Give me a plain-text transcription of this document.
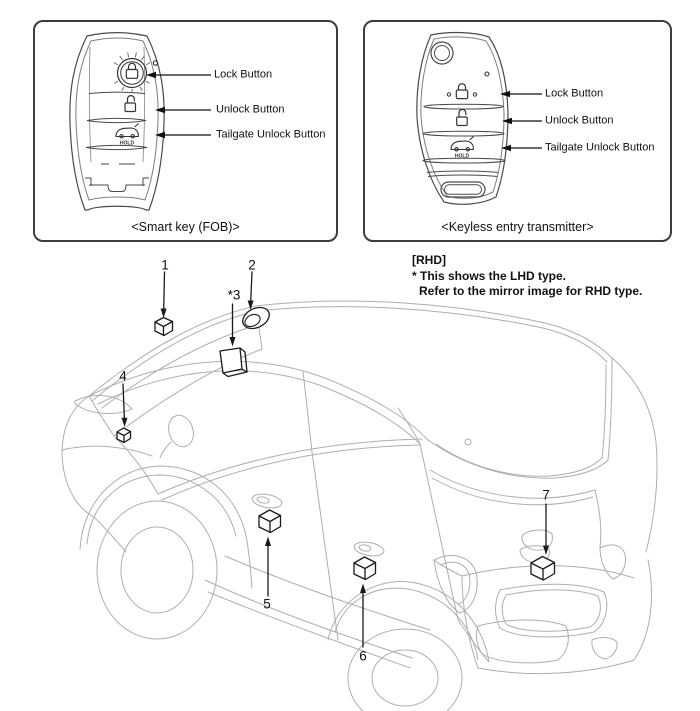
HOLD
Lock Button
Unlock Button
Tailgate Unlock Button
<Smart key (FOB)>
HOLD
Lock Button
Unlock Button
Tailgate Unlock Button
<Keyless entry transmitter>
1	2
*3
4
5
6
7
[RHD]
* This shows the LHD type.
Refer to the mirror image for RHD type.
